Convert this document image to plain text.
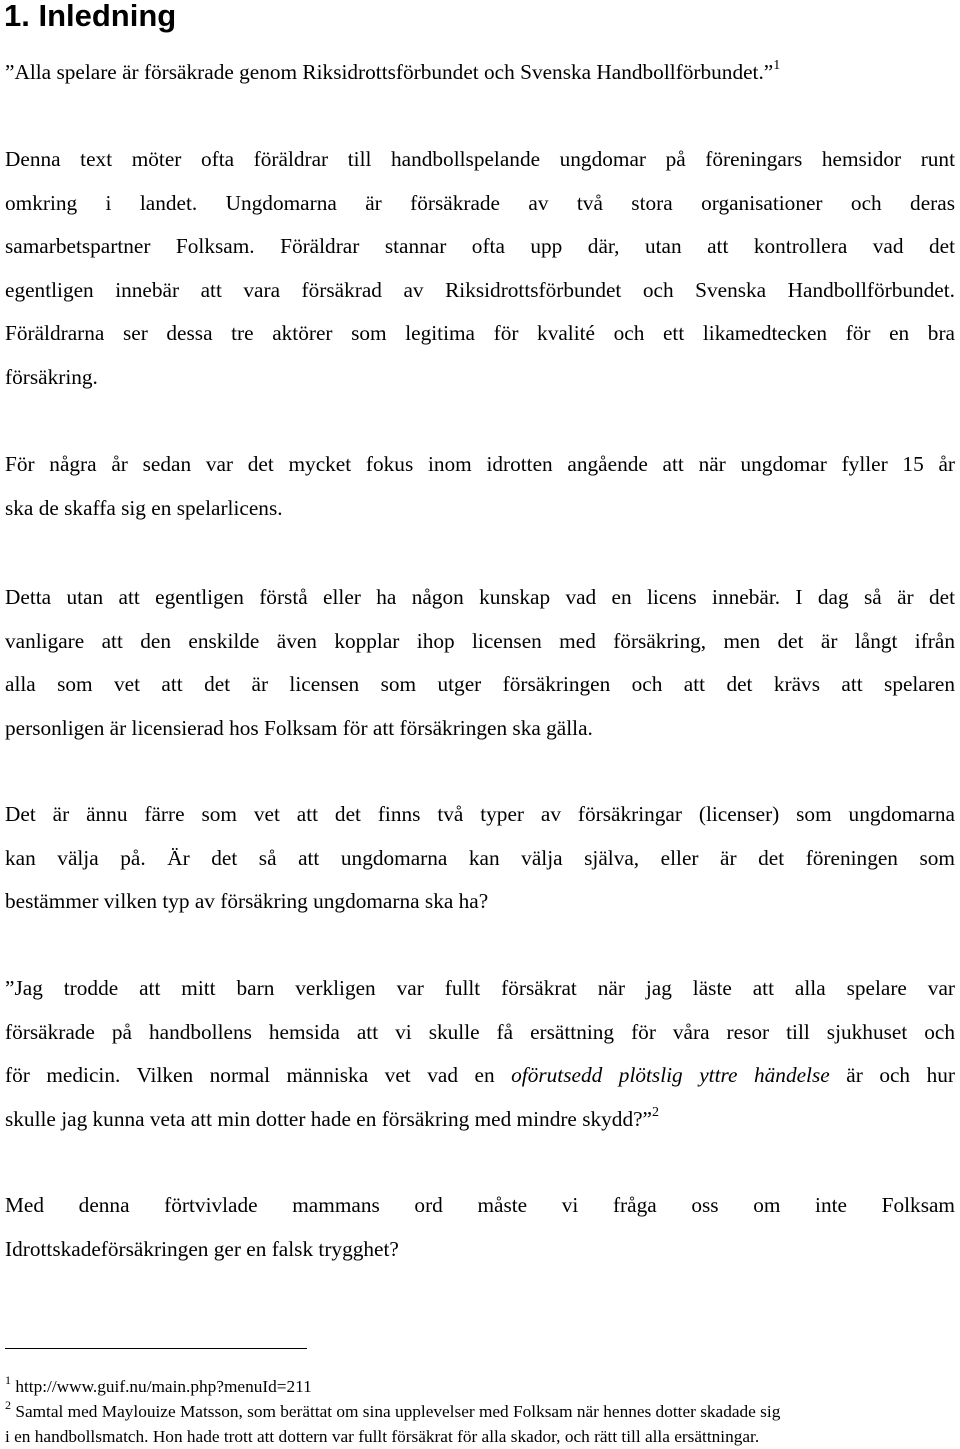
1. Inledning
”Alla spelare är försäkrade genom Riksidrottsförbundet och Svenska Handbollförbundet.”$^1$
Denna text möter ofta föräldrar till handbollspelande ungdomar på föreningars hemsidor runt
omkring i landet. Ungdomarna är försäkrade av två stora organisationer och deras
samarbetspartner Folksam. Föräldrar stannar ofta upp där, utan att kontrollera vad det
egentligen innebär att vara försäkrad av Riksidrottsförbundet och Svenska Handbollförbundet.
Föräldrarna ser dessa tre aktörer som legitima för kvalité och ett likamedtecken för en bra
försäkring.
För några år sedan var det mycket fokus inom idrotten angående att när ungdomar fyller 15 år
ska de skaffa sig en spelarlicens.
Detta utan att egentligen förstå eller ha någon kunskap vad en licens innebär. I dag så är det
vanligare att den enskilde även kopplar ihop licensen med försäkring, men det är långt ifrån
alla som vet att det är licensen som utger försäkringen och att det krävs att spelaren
personligen är licensierad hos Folksam för att försäkringen ska gälla.
Det är ännu färre som vet att det finns två typer av försäkringar (licenser) som ungdomarna
kan välja på. Är det så att ungdomarna kan välja själva, eller är det föreningen som
bestämmer vilken typ av försäkring ungdomarna ska ha?
”Jag trodde att mitt barn verkligen var fullt försäkrat när jag läste att alla spelare var
försäkrade på handbollens hemsida att vi skulle få ersättning för våra resor till sjukhuset och
för medicin. Vilken normal människa vet vad en oförutsedd plötslig yttre händelse är och hur
skulle jag kunna veta att min dotter hade en försäkring med mindre skydd?”$^2$
Med denna förtvivlade mammans ord måste vi fråga oss om inte Folksam
Idrottskadeförsäkringen ger en falsk trygghet?
$^1$ http://www.guif.nu/main.php?menuId=211
$^2$ Samtal med Maylouize Matsson, som berättat om sina upplevelser med Folksam när hennes dotter skadade sig
i en handbollsmatch. Hon hade trott att dottern var fullt försäkrat för alla skador, och rätt till alla ersättningar.
